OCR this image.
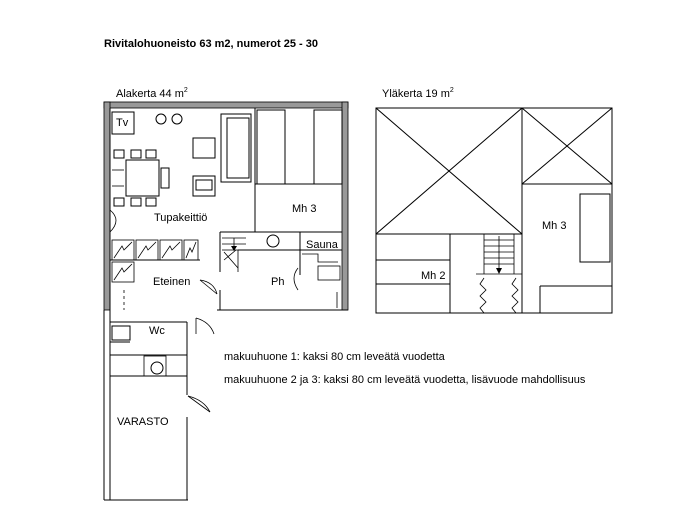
Rivitalohuoneisto 63 m2, numerot 25 - 30
Alakerta 44 $m^2$	Yläkerta 19 $m^2$
Tv
Tupakeittiö
Mh 3
Sauna
Eteinen	Ph
Wc
VARASTO
Mh 2
Mh 3
makuuhuone 1: kaksi 80 cm leveätä vuodetta
makuuhuone 2 ja 3: kaksi 80 cm leveätä vuodetta, lisävuode mahdollisuus
